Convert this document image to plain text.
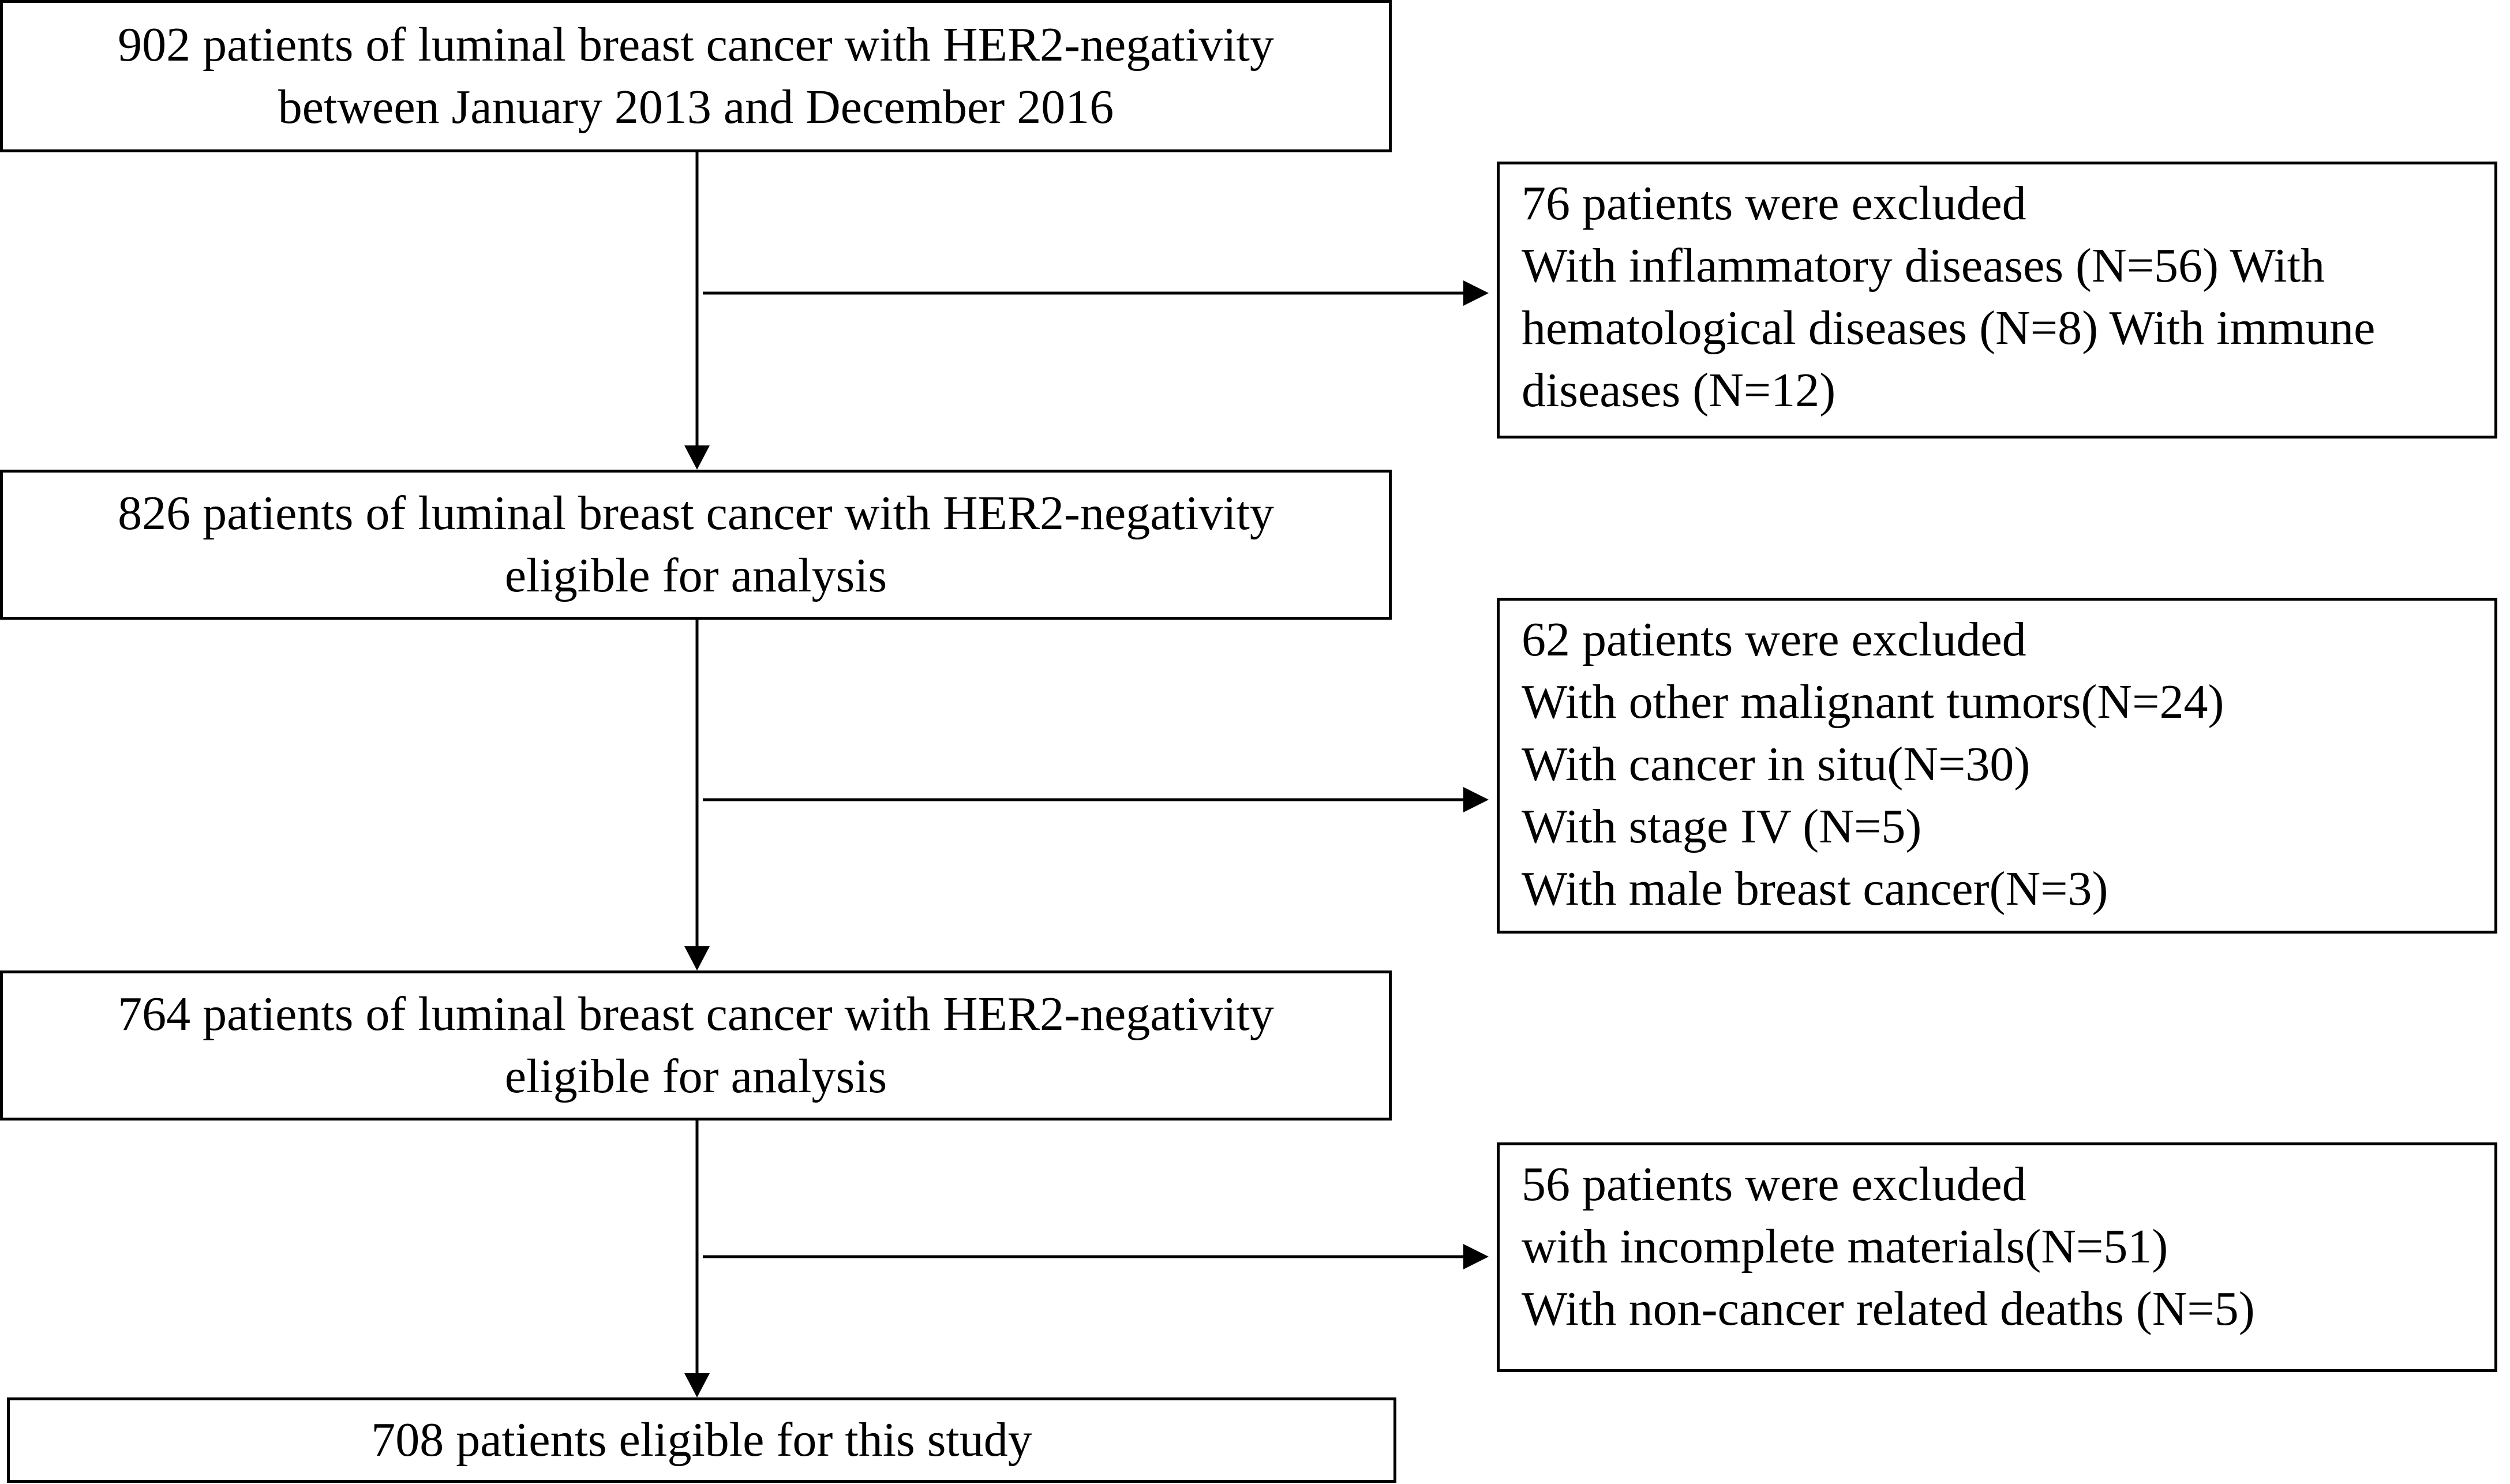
902 patients of luminal breast cancer with HER2-negativity
between January 2013 and December 2016
826 patients of luminal breast cancer with HER2-negativity
eligible for analysis
764 patients of luminal breast cancer with HER2-negativity
eligible for analysis
708 patients eligible for this study
76 patients were excluded
With inflammatory diseases (N=56) With
hematological diseases (N=8) With immune
diseases (N=12)
62 patients were excluded
With other malignant tumors(N=24)
With cancer in situ(N=30)
With stage IV (N=5)
With male breast cancer(N=3)
56 patients were excluded
with incomplete materials(N=51)
With non-cancer related deaths (N=5)
